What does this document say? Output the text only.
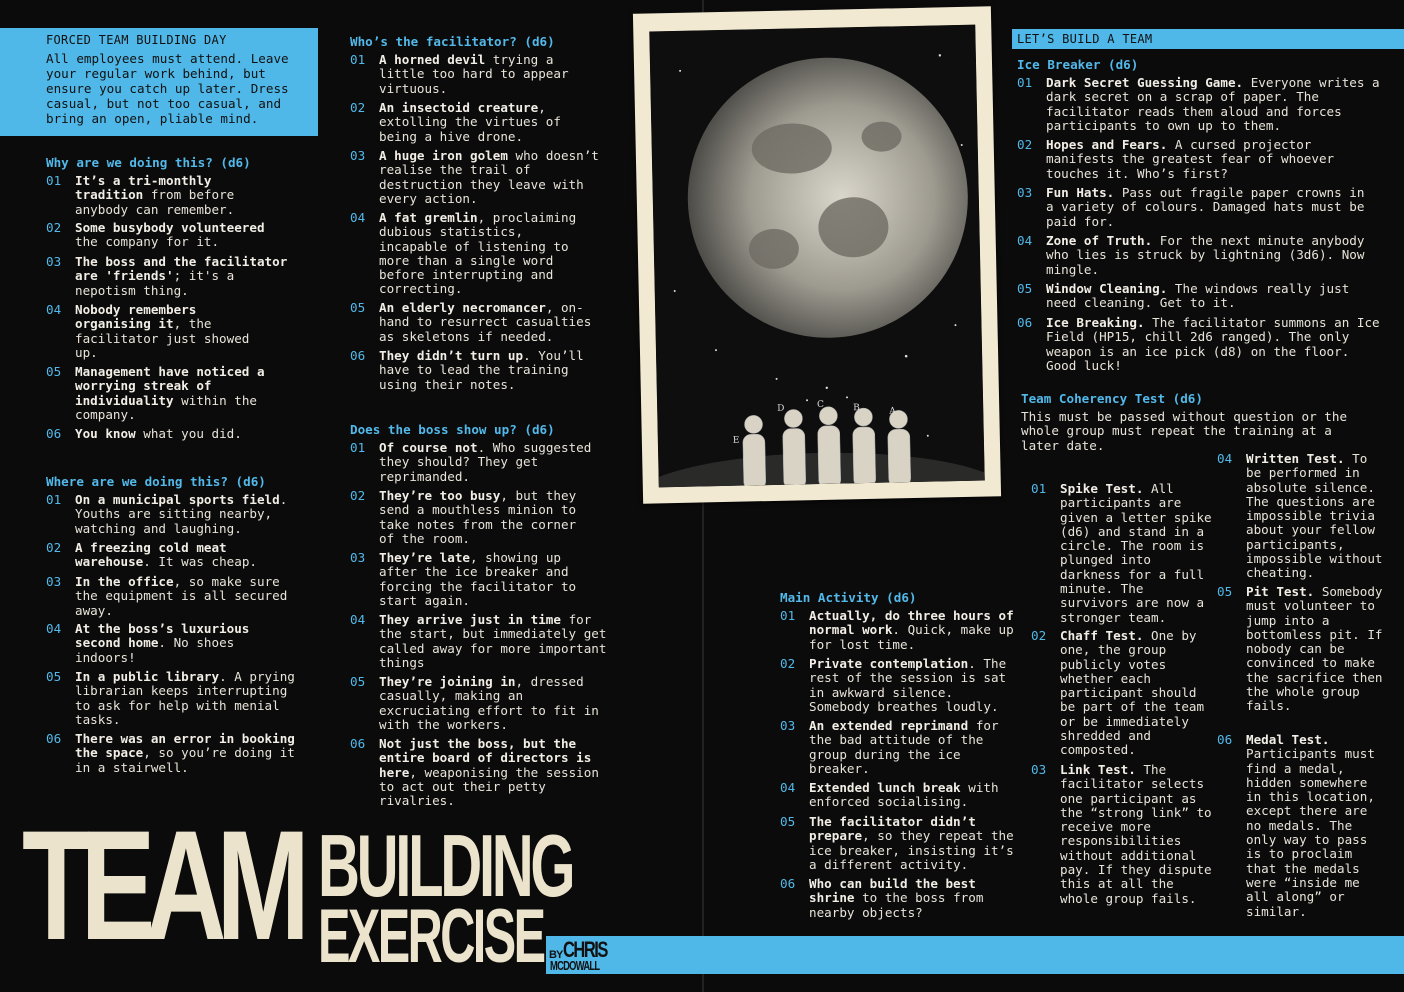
FORCED TEAM BUILDING DAY
All employees must attend. Leave your regular work behind, but ensure you catch up later. Dress casual, but not too casual, and bring an open, pliable mind.
Why are we doing this? (d6)
01 It’s a tri-monthly tradition from before anybody can remember.
02 Some busybody volunteered the company for it.
03 The boss and the facilitator are 'friends'; it's a nepotism thing.
04 Nobody remembers organising it, the facilitator just showed up.
05 Management have noticed a worrying streak of individuality within the company.
06 You know what you did.
Where are we doing this? (d6)
01 On a municipal sports field. Youths are sitting nearby, watching and laughing.
02 A freezing cold meat warehouse. It was cheap.
03 In the office, so make sure the equipment is all secured away.
04 At the boss’s luxurious second home. No shoes indoors!
05 In a public library. A prying librarian keeps interrupting to ask for help with menial tasks.
06 There was an error in booking the space, so you’re doing it in a stairwell.
Who’s the facilitator? (d6)
01 A horned devil trying a little too hard to appear virtuous.
02 An insectoid creature, extolling the virtues of being a hive drone.
03 A huge iron golem who doesn’t realise the trail of destruction they leave with every action.
04 A fat gremlin, proclaiming dubious statistics, incapable of listening to more than a single word before interrupting and correcting.
05 An elderly necromancer, on-hand to resurrect casualties as skeletons if needed.
06 They didn’t turn up. You’ll have to lead the training using their notes.
Does the boss show up? (d6)
01 Of course not. Who suggested they should? They get reprimanded.
02 They’re too busy, but they send a mouthless minion to take notes from the corner of the room.
03 They’re late, showing up after the ice breaker and forcing the facilitator to start again.
04 They arrive just in time for the start, but immediately get called away for more important things
05 They’re joining in, dressed casually, making an excruciating effort to fit in with the workers.
06 Not just the boss, but the entire board of directors is here, weaponising the session to act out their petty rivalries.
TEAM BUILDING
EXERCISE BY CHRIS
MCDOWALL
D	C	B	A
E
Main Activity (d6)
01 Actually, do three hours of normal work. Quick, make up for lost time.
02 Private contemplation. The rest of the session is sat in awkward silence. Somebody breathes loudly.
03 An extended reprimand for the bad attitude of the group during the ice breaker.
04 Extended lunch break with enforced socialising.
05 The facilitator didn’t prepare, so they repeat the ice breaker, insisting it’s a different activity.
06 Who can build the best shrine to the boss from nearby objects?
LET’S BUILD A TEAM
Ice Breaker (d6)
01 Dark Secret Guessing Game. Everyone writes a dark secret on a scrap of paper. The facilitator reads them aloud and forces participants to own up to them.
02 Hopes and Fears. A cursed projector manifests the greatest fear of whoever touches it. Who’s first?
03 Fun Hats. Pass out fragile paper crowns in a variety of colours. Damaged hats must be paid for.
04 Zone of Truth. For the next minute anybody who lies is struck by lightning (3d6). Now mingle.
05 Window Cleaning. The windows really just need cleaning. Get to it.
06 Ice Breaking. The facilitator summons an Ice Field (HP15, chill 2d6 ranged). The only weapon is an ice pick (d8) on the floor. Good luck!
Team Coherency Test (d6)
This must be passed without question or the whole group must repeat the training at a later date.
01 Spike Test. All participants are given a letter spike (d6) and stand in a circle. The room is plunged into darkness for a full minute. The survivors are now a stronger team.
02 Chaff Test. One by one, the group publicly votes whether each participant should be part of the team or be immediately shredded and composted.
03 Link Test. The facilitator selects one participant as the “strong link” to receive more responsibilities without additional pay. If they dispute this at all the whole group fails.
04 Written Test. To be performed in absolute silence. The questions are impossible trivia about your fellow participants, impossible without cheating.
05 Pit Test. Somebody must volunteer to jump into a bottomless pit. If nobody can be convinced to make the sacrifice then the whole group fails.
06 Medal Test. Participants must find a medal, hidden somewhere in this location, except there are no medals. The only way to pass is to proclaim that the medals were “inside me all along” or similar.
